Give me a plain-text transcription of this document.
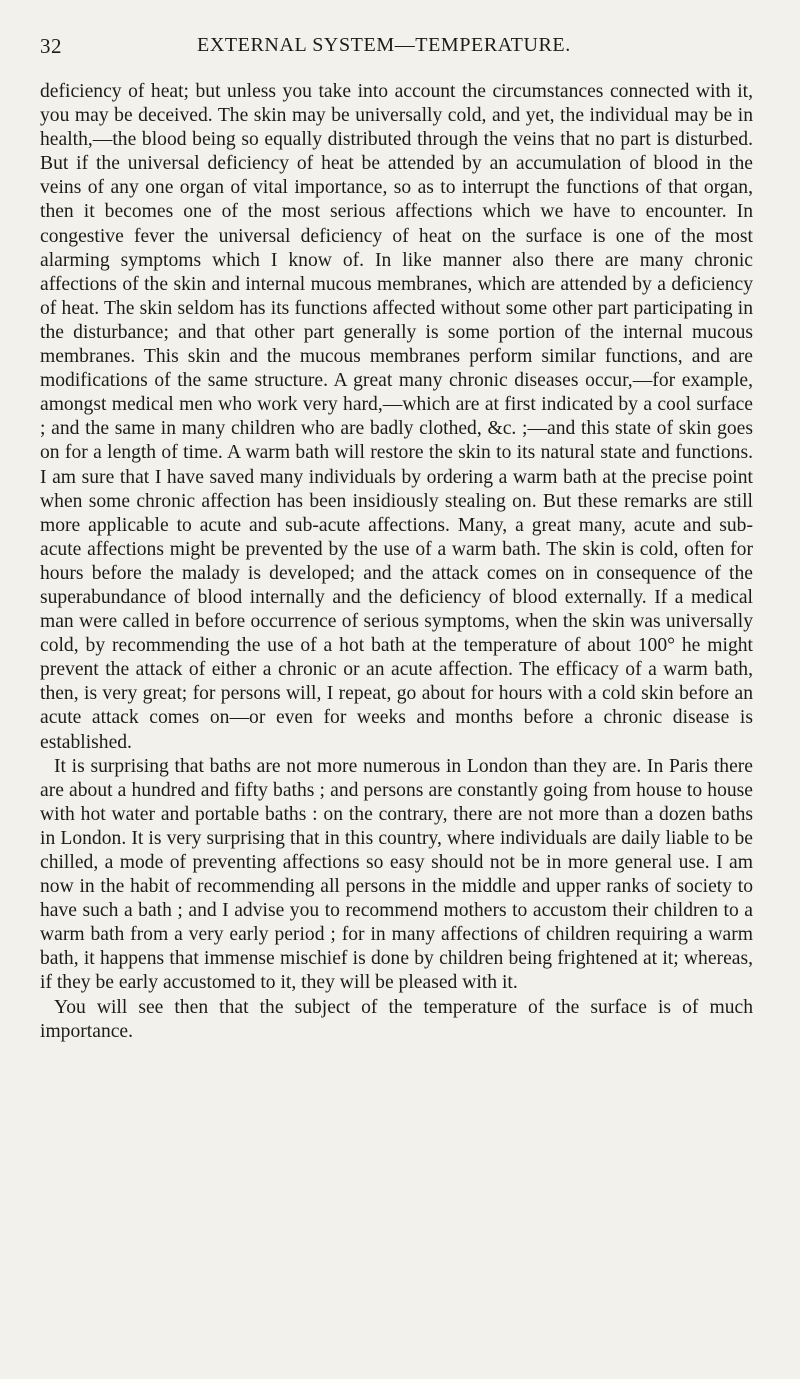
32	EXTERNAL SYSTEM—TEMPERATURE.

deficiency of heat; but unless you take into account the circumstances connected with it, you may be deceived. The skin may be universally cold, and yet, the individual may be in health,—the blood being so equally distributed through the veins that no part is disturbed. But if the universal deficiency of heat be attended by an accumulation of blood in the veins of any one organ of vital importance, so as to interrupt the functions of that organ, then it becomes one of the most serious affections which we have to encounter. In congestive fever the universal deficiency of heat on the surface is one of the most alarming symptoms which I know of. In like manner also there are many chronic affections of the skin and internal mucous membranes, which are attended by a deficiency of heat. The skin seldom has its functions affected without some other part participating in the disturbance; and that other part generally is some portion of the internal mucous membranes. This skin and the mucous membranes perform similar functions, and are modifications of the same structure. A great many chronic diseases occur,—for example, amongst medical men who work very hard,—which are at first indicated by a cool surface ; and the same in many children who are badly clothed, &c. ;—and this state of skin goes on for a length of time. A warm bath will restore the skin to its natural state and functions. I am sure that I have saved many individuals by ordering a warm bath at the precise point when some chronic affection has been insidiously stealing on. But these remarks are still more applicable to acute and sub-acute affections. Many, a great many, acute and sub-acute affections might be prevented by the use of a warm bath. The skin is cold, often for hours before the malady is developed; and the attack comes on in consequence of the superabundance of blood internally and the deficiency of blood externally. If a medical man were called in before occurrence of serious symptoms, when the skin was universally cold, by recommending the use of a hot bath at the temperature of about 100° he might prevent the attack of either a chronic or an acute affection. The efficacy of a warm bath, then, is very great; for persons will, I repeat, go about for hours with a cold skin before an acute attack comes on—or even for weeks and months before a chronic disease is established.

It is surprising that baths are not more numerous in London than they are. In Paris there are about a hundred and fifty baths ; and persons are constantly going from house to house with hot water and portable baths : on the contrary, there are not more than a dozen baths in London. It is very surprising that in this country, where individuals are daily liable to be chilled, a mode of preventing affections so easy should not be in more general use. I am now in the habit of recommending all persons in the middle and upper ranks of society to have such a bath ; and I advise you to recommend mothers to accustom their children to a warm bath from a very early period ; for in many affections of children requiring a warm bath, it happens that immense mischief is done by children being frightened at it; whereas, if they be early accustomed to it, they will be pleased with it.

You will see then that the subject of the temperature of the surface is of much importance.
